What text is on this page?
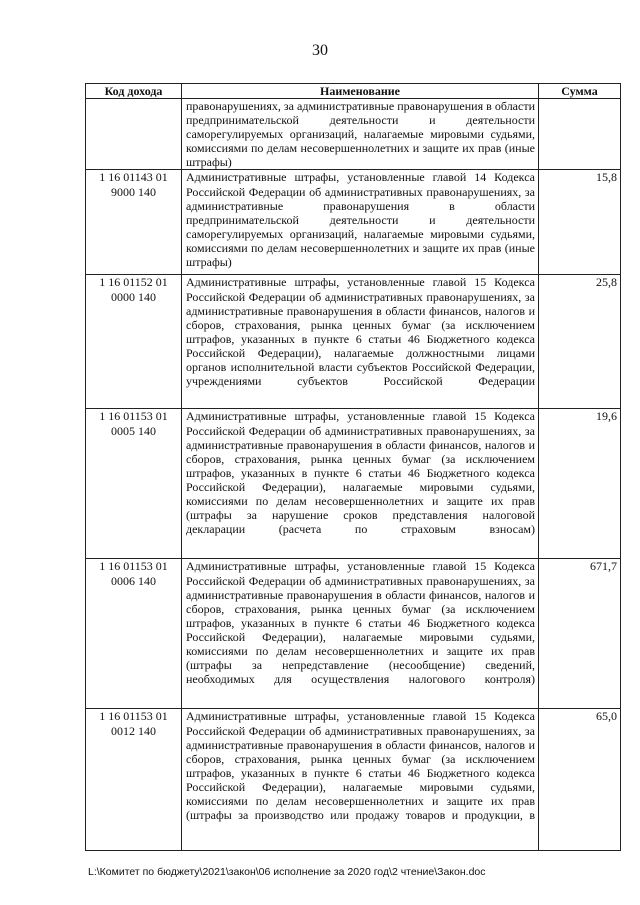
30
Код дохода	Наименование	Сумма
	правонарушениях, за административные правонарушения в области предпринимательской деятельности и деятельности саморегулируемых организаций, налагаемые мировыми судьями, комиссиями по делам несовершеннолетних и защите их прав (иные штрафы)	
1 16 01143 01 9000 140	Административные штрафы, установленные главой 14 Кодекса Российской Федерации об административных правонарушениях, за административные правонарушения в области предпринимательской деятельности и деятельности саморегулируемых организаций, налагаемые мировыми судьями, комиссиями по делам несовершеннолетних и защите их прав (иные штрафы)	15,8
1 16 01152 01 0000 140	Административные штрафы, установленные главой 15 Кодекса Российской Федерации об административных правонарушениях, за административные правонарушения в области финансов, налогов и сборов, страхования, рынка ценных бумаг (за исключением штрафов, указанных в пункте 6 статьи 46 Бюджетного кодекса Российской Федерации), налагаемые должностными лицами органов исполнительной власти субъектов Российской Федерации, учреждениями субъектов Российской Федерации	25,8
1 16 01153 01 0005 140	Административные штрафы, установленные главой 15 Кодекса Российской Федерации об административных правонарушениях, за административные правонарушения в области финансов, налогов и сборов, страхования, рынка ценных бумаг (за исключением штрафов, указанных в пункте 6 статьи 46 Бюджетного кодекса Российской Федерации), налагаемые мировыми судьями, комиссиями по делам несовершеннолетних и защите их прав (штрафы за нарушение сроков представления налоговой декларации (расчета по страховым взносам)	19,6
1 16 01153 01 0006 140	Административные штрафы, установленные главой 15 Кодекса Российской Федерации об административных правонарушениях, за административные правонарушения в области финансов, налогов и сборов, страхования, рынка ценных бумаг (за исключением штрафов, указанных в пункте 6 статьи 46 Бюджетного кодекса Российской Федерации), налагаемые мировыми судьями, комиссиями по делам несовершеннолетних и защите их прав (штрафы за непредставление (несообщение) сведений, необходимых для осуществления налогового контроля)	671,7
1 16 01153 01 0012 140	Административные штрафы, установленные главой 15 Кодекса Российской Федерации об административных правонарушениях, за административные правонарушения в области финансов, налогов и сборов, страхования, рынка ценных бумаг (за исключением штрафов, указанных в пункте 6 статьи 46 Бюджетного кодекса Российской Федерации), налагаемые мировыми судьями, комиссиями по делам несовершеннолетних и защите их прав (штрафы за производство или продажу товаров и продукции, в	65,0
L:\Комитет по бюджету\2021\закон\06 исполнение за 2020 год\2 чтение\Закон.doc
